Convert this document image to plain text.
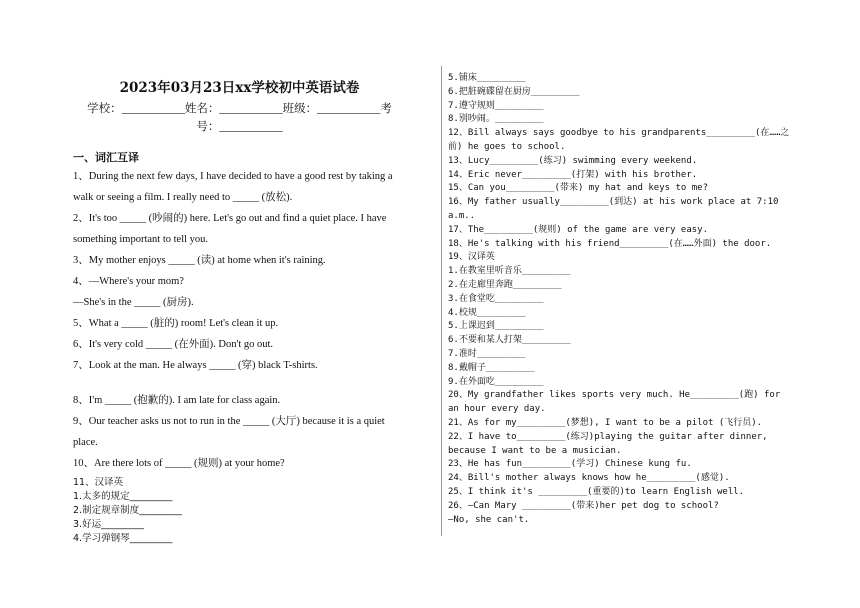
2023年03月23日xx学校初中英语试卷
学校：___________姓名：___________班级：___________考号：___________
一、词汇互译
1、During the next few days, I have decided to have a good rest by taking a walk or seeing a film. I really need to _____ (放松).
2、It's too _____ (吵闹的) here. Let's go out and find a quiet place. I have something important to tell you.
3、My mother enjoys _____ (读) at home when it's raining.
4、—Where's your mom?
—She's in the _____ (厨房).
5、What a _____ (脏的) room! Let's clean it up.
6、It's very cold _____ (在外面). Don't go out.
7、Look at the man. He always _____ (穿) black T-shirts.
8、I'm _____ (抱歉的). I am late for class again.
9、Our teacher asks us not to run in the _____ (大厅) because it is a quiet place.
10、Are there lots of _____ (规则) at your home?
11、汉译英
1.太多的规定_________
2.制定规章制度_________
3.好运_________
4.学习弹钢琴_________
5.铺床_________
6.把脏碗碟留在厨房_________
7.遵守规则_________
8.别吵闹。_________
12、Bill always says goodbye to his grandparents_________(在……之前) he goes to school.
13、Lucy_________(练习) swimming every weekend.
14、Eric never_________(打架) with his brother.
15、Can you_________(带来) my hat and keys to me?
16、My father usually_________(到达) at his work place at 7:10 a.m..
17、The_________(规则) of the game are very easy.
18、He's talking with his friend_________(在……外面) the door.
19、汉译英
1.在教室里听音乐_________
2.在走廊里奔跑_________
3.在食堂吃_________
4.校规_________
5.上课迟到_________
6.不要和某人打架_________
7.准时_________
8.戴帽子_________
9.在外面吃_________
20、My grandfather likes sports very much. He_________(跑) for an hour every day.
21、As for my_________(梦想), I want to be a pilot (飞行员).
22、I have to_________(练习)playing the guitar after dinner, because I want to be a musician.
23、He has fun_________(学习) Chinese kung fu.
24、Bill's mother always knows how he_________(感觉).
25、I think it's _________(重要的)to learn English well.
26、—Can Mary _________(带来)her pet dog to school?
—No, she can't.
